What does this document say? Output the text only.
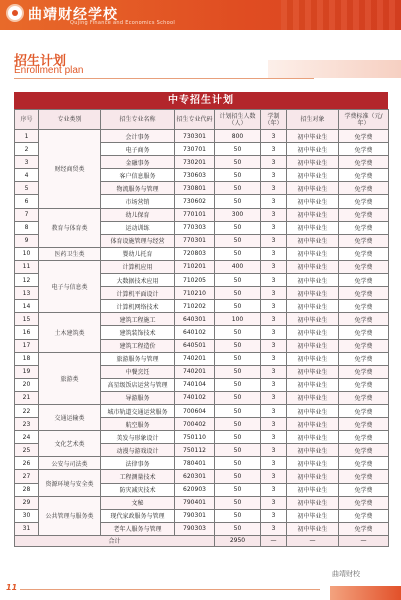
曲靖财经学校
Qujing Finance and Economics School
招生计划
Enrollment plan
中专招生计划
序号	专业类别	招生专业名称	招生专业代码	计划招生人数（人）	学制（年）	招生对象	学费标准（元/年）
1	财经商贸类	会计事务	730301	800	3	初中毕业生	免学费
2		电子商务	730701	50	3	初中毕业生	免学费
3		金融事务	730201	50	3	初中毕业生	免学费
4		客户信息服务	730603	50	3	初中毕业生	免学费
5		物流服务与管理	730801	50	3	初中毕业生	免学费
6		市场营销	730602	50	3	初中毕业生	免学费
7	教育与体育类	幼儿保育	770101	300	3	初中毕业生	免学费
8		运动训练	770303	50	3	初中毕业生	免学费
9		体育设施管理与经营	770301	50	3	初中毕业生	免学费
10	医药卫生类	婴幼儿托育	720803	50	3	初中毕业生	免学费
11	电子与信息类	计算机应用	710201	400	3	初中毕业生	免学费
12		大数据技术应用	710205	50	3	初中毕业生	免学费
13		计算机平面设计	710210	50	3	初中毕业生	免学费
14		计算机网络技术	710202	50	3	初中毕业生	免学费
15	土木建筑类	建筑工程施工	640301	100	3	初中毕业生	免学费
16		建筑装饰技术	640102	50	3	初中毕业生	免学费
17		建筑工程造价	640501	50	3	初中毕业生	免学费
18	旅游类	旅游服务与管理	740201	50	3	初中毕业生	免学费
19		中餐烹饪	740201	50	3	初中毕业生	免学费
20		高星级饭店运营与管理	740104	50	3	初中毕业生	免学费
21		导游服务	740102	50	3	初中毕业生	免学费
22	交通运输类	城市轨道交通运营服务	700604	50	3	初中毕业生	免学费
23		航空服务	700402	50	3	初中毕业生	免学费
24	文化艺术类	美发与形象设计	750110	50	3	初中毕业生	免学费
25		动漫与游戏设计	750112	50	3	初中毕业生	免学费
26	公安与司法类	法律事务	780401	50	3	初中毕业生	免学费
27	资源环境与安全类	工程测量技术	620301	50	3	初中毕业生	免学费
28		防灾减灾技术	620903	50	3	初中毕业生	免学费
29	公共管理与服务类	文秘	790401	50	3	初中毕业生	免学费
30		现代家政服务与管理	790301	50	3	初中毕业生	免学费
31		老年人服务与管理	790303	50	3	初中毕业生	免学费
合计				2950	—	—	—
11
曲靖财校
